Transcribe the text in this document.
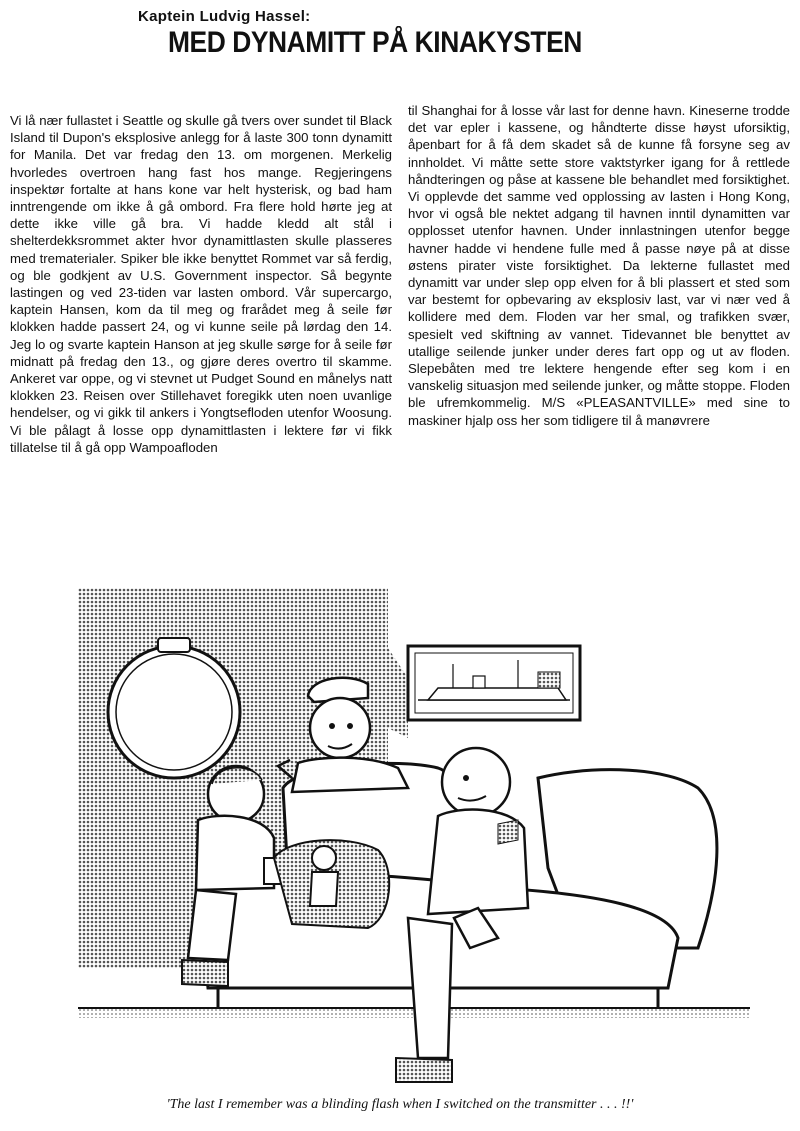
Kaptein Ludvig Hassel:
MED DYNAMITT PÅ KINAKYSTEN

Vi lå nær fullastet i Seattle og skulle gå tvers over sundet til Black Island til Dupon's eksplosive anlegg for å laste 300 tonn dynamitt for Manila. Det var fredag den 13. om morgenen. Merkelig hvorledes overtroen hang fast hos mange. Regjeringens inspektør fortalte at hans kone var helt hysterisk, og bad ham inntrengende om ikke å gå ombord. Fra flere hold hørte jeg at dette ikke ville gå bra. Vi hadde kledd alt stål i shelterdekksrommet akter hvor dynamittlasten skulle plasseres med trematerialer. Spiker ble ikke benyttet Rommet var så ferdig, og ble godkjent av U.S. Government inspector. Så begynte lastingen og ved 23-tiden var lasten ombord. Vår supercargo, kaptein Hansen, kom da til meg og frarådet meg å seile før klokken hadde passert 24, og vi kunne seile på lørdag den 14. Jeg lo og svarte kaptein Hanson at jeg skulle sørge for å seile før midnatt på fredag den 13., og gjøre deres overtro til skamme. Ankeret var oppe, og vi stevnet ut Pudget Sound en månelys natt klokken 23. Reisen over Stillehavet foregikk uten noen uvanlige hendelser, og vi gikk til ankers i Yongtsefloden utenfor Woosung. Vi ble pålagt å losse opp dynamittlasten i lektere før vi fikk tillatelse til å gå opp Wampoafloden

til Shanghai for å losse vår last for denne havn. Kineserne trodde det var epler i kassene, og håndterte disse høyst uforsiktig, åpenbart for å få dem skadet så de kunne få forsyne seg av innholdet. Vi måtte sette store vaktstyrker igang for å rettlede håndteringen og påse at kassene ble behandlet med forsiktighet. Vi opplevde det samme ved opplossing av lasten i Hong Kong, hvor vi også ble nektet adgang til havnen inntil dynamitten var opplosset utenfor havnen. Under innlastningen utenfor begge havner hadde vi hendene fulle med å passe nøye på at disse østens pirater viste forsiktighet. Da lekterne fullastet med dynamitt var under slep opp elven for å bli plassert et sted som var bestemt for opbevaring av eksplosiv last, var vi nær ved å kollidere med dem. Floden var her smal, og trafikken svær, spesielt ved skiftning av vannet. Tidevannet ble benyttet av utallige seilende junker under deres fart opp og ut av floden. Slepebåten med tre lektere hengende efter seg kom i en vanskelig situasjon med seilende junker, og måtte stoppe. Floden ble ufremkommelig. M/S «PLEASANTVILLE» med sine to maskiner hjalp oss her som tidligere til å manøvrere

'The last I remember was a blinding flash when I switched on the transmitter . . . !!'
